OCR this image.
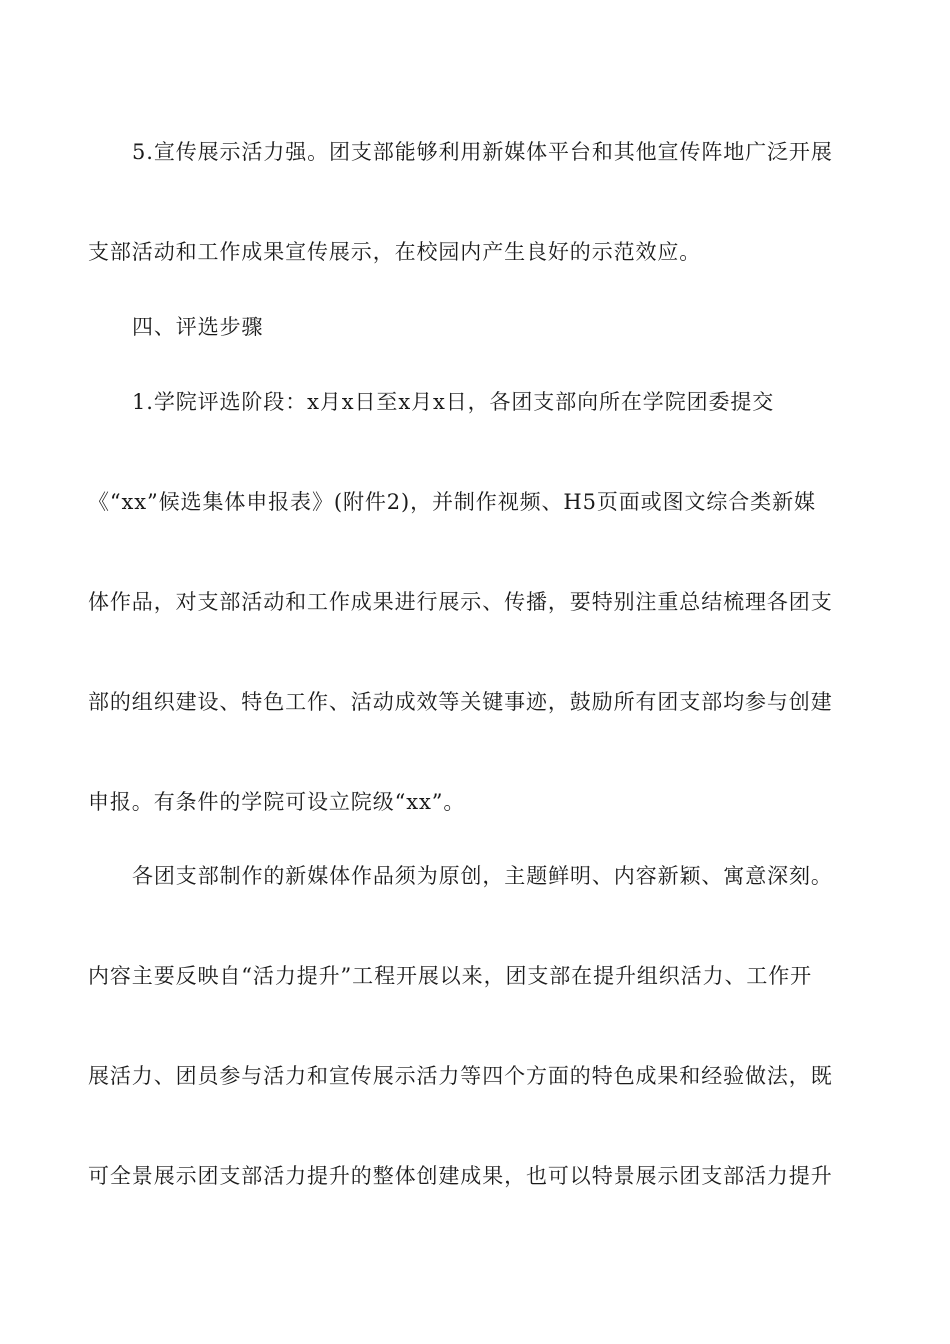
5.宣传展示活力强。团支部能够利用新媒体平台和其他宣传阵地广泛开展
支部活动和工作成果宣传展示，在校园内产生良好的示范效应。
四、评选步骤
1.学院评选阶段：x月x日至x月x日，各团支部向所在学院团委提交
《“xx”候选集体申报表》(附件2)，并制作视频、H5页面或图文综合类新媒
体作品，对支部活动和工作成果进行展示、传播，要特别注重总结梳理各团支
部的组织建设、特色工作、活动成效等关键事迹，鼓励所有团支部均参与创建
申报。有条件的学院可设立院级“xx”。
各团支部制作的新媒体作品须为原创，主题鲜明、内容新颖、寓意深刻。
内容主要反映自“活力提升”工程开展以来，团支部在提升组织活力、工作开
展活力、团员参与活力和宣传展示活力等四个方面的特色成果和经验做法，既
可全景展示团支部活力提升的整体创建成果，也可以特景展示团支部活力提升
